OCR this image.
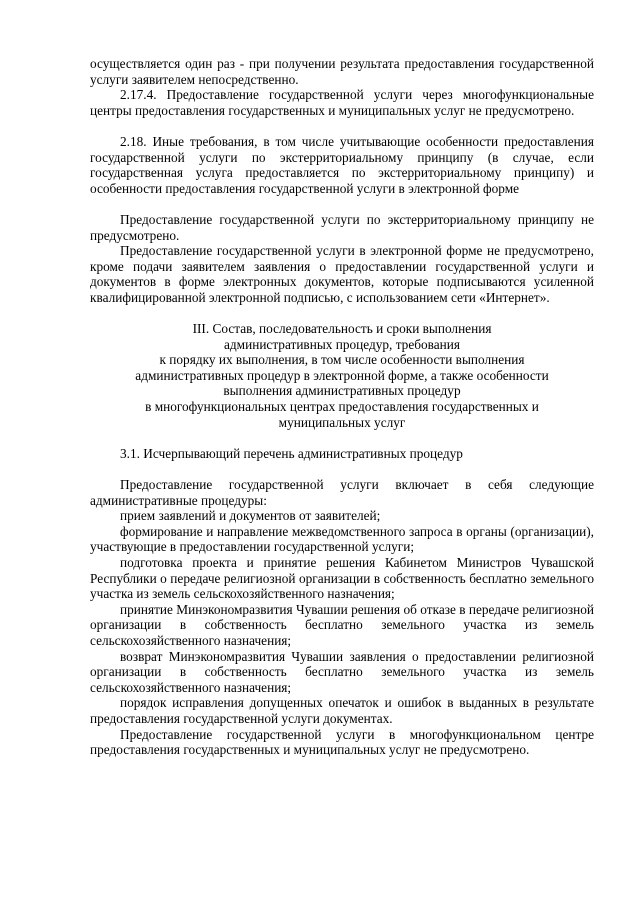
осуществляется один раз - при получении результата предоставления государственной услуги заявителем непосредственно.

2.17.4. Предоставление государственной услуги через многофункциональные центры предоставления государственных и муниципальных услуг не предусмотрено.

2.18. Иные требования, в том числе учитывающие особенности предоставления государственной услуги по экстерриториальному принципу (в случае, если государственная услуга предоставляется по экстерриториальному принципу) и особенности предоставления государственной услуги в электронной форме

Предоставление государственной услуги по экстерриториальному принципу не предусмотрено.

Предоставление государственной услуги в электронной форме не предусмотрено, кроме подачи заявителем заявления о предоставлении государственной услуги и документов в форме электронных документов, которые подписываются усиленной квалифицированной электронной подписью, с использованием сети «Интернет».

III. Состав, последовательность и сроки выполнения
административных процедур, требования
к порядку их выполнения, в том числе особенности выполнения
административных процедур в электронной форме, а также особенности
выполнения административных процедур
в многофункциональных центрах предоставления государственных и
муниципальных услуг

3.1. Исчерпывающий перечень административных процедур

Предоставление государственной услуги включает в себя следующие административные процедуры:

прием заявлений и документов от заявителей;

формирование и направление межведомственного запроса в органы (организации), участвующие в предоставлении государственной услуги;

подготовка проекта и принятие решения Кабинетом Министров Чувашской Республики о передаче религиозной организации в собственность бесплатно земельного участка из земель сельскохозяйственного назначения;

принятие Минэкономразвития Чувашии решения об отказе в передаче религиозной организации в собственность бесплатно земельного участка из земель сельскохозяйственного назначения;

возврат Минэкономразвития Чувашии заявления о предоставлении религиозной организации в собственность бесплатно земельного участка из земель сельскохозяйственного назначения;

порядок исправления допущенных опечаток и ошибок в выданных в результате предоставления государственной услуги документах.

Предоставление государственной услуги в многофункциональном центре предоставления государственных и муниципальных услуг не предусмотрено.
